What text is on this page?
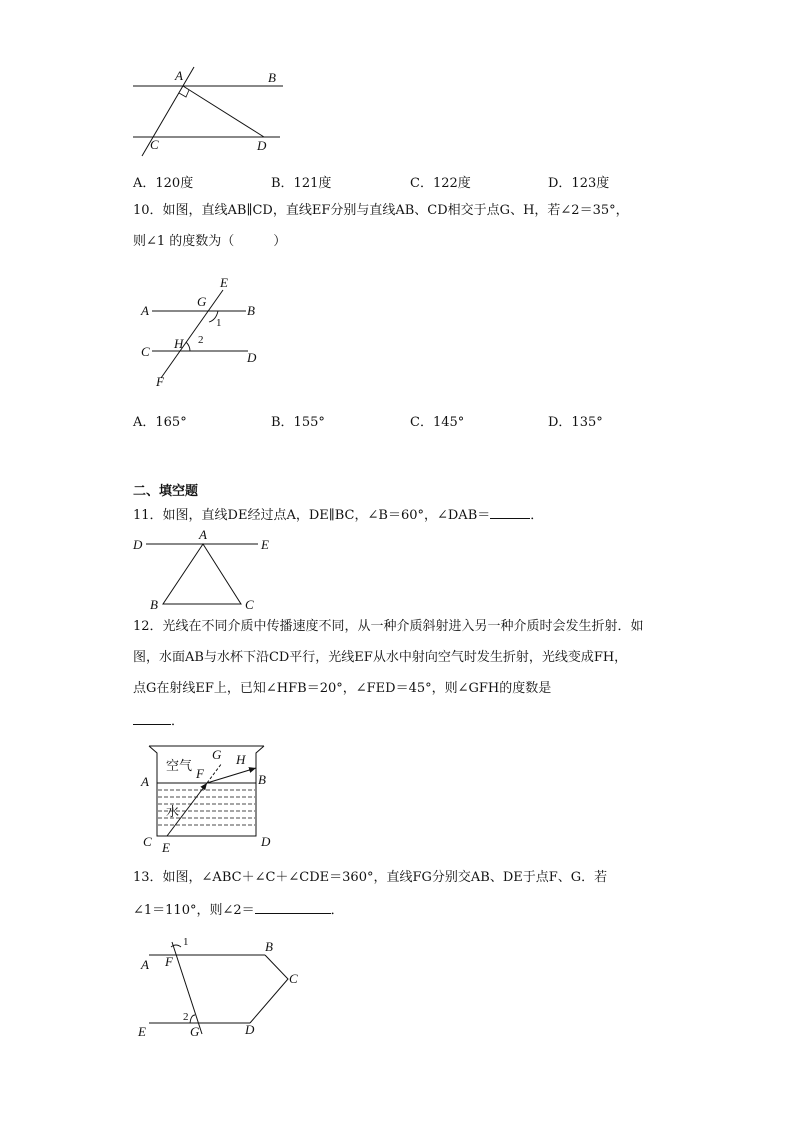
A	B
C	D
A．120度	B．121度	C．122度	D．123度
10．如图，直线AB∥CD，直线EF分别与直线AB、CD相交于点G、H，若∠2＝35°，
则∠1 的度数为（　　　）
E
A
G
B
1
C
H 2
D
F
A．165°	B．155°	C．145°	D．135°
二、填空题
11．如图，直线DE经过点A，DE∥BC，∠B＝60°，∠DAB＝	．
D
A
E
B	C
12．光线在不同介质中传播速度不同，从一种介质斜射进入另一种介质时会发生折射．如
图，水面AB与水杯下沿CD平行，光线EF从水中射向空气时发生折射，光线变成FH，
点G在射线EF上，已知∠HFB＝20°，∠FED＝45°，则∠GFH的度数是
．
空气
G H
F
A	B
水
C	D
E
13．如图，∠ABC＋∠C＋∠CDE＝360°，直线FG分别交AB、DE于点F、G．若
∠1＝110°，则∠2＝	．
1	B
A F
C
2
E	G	D
